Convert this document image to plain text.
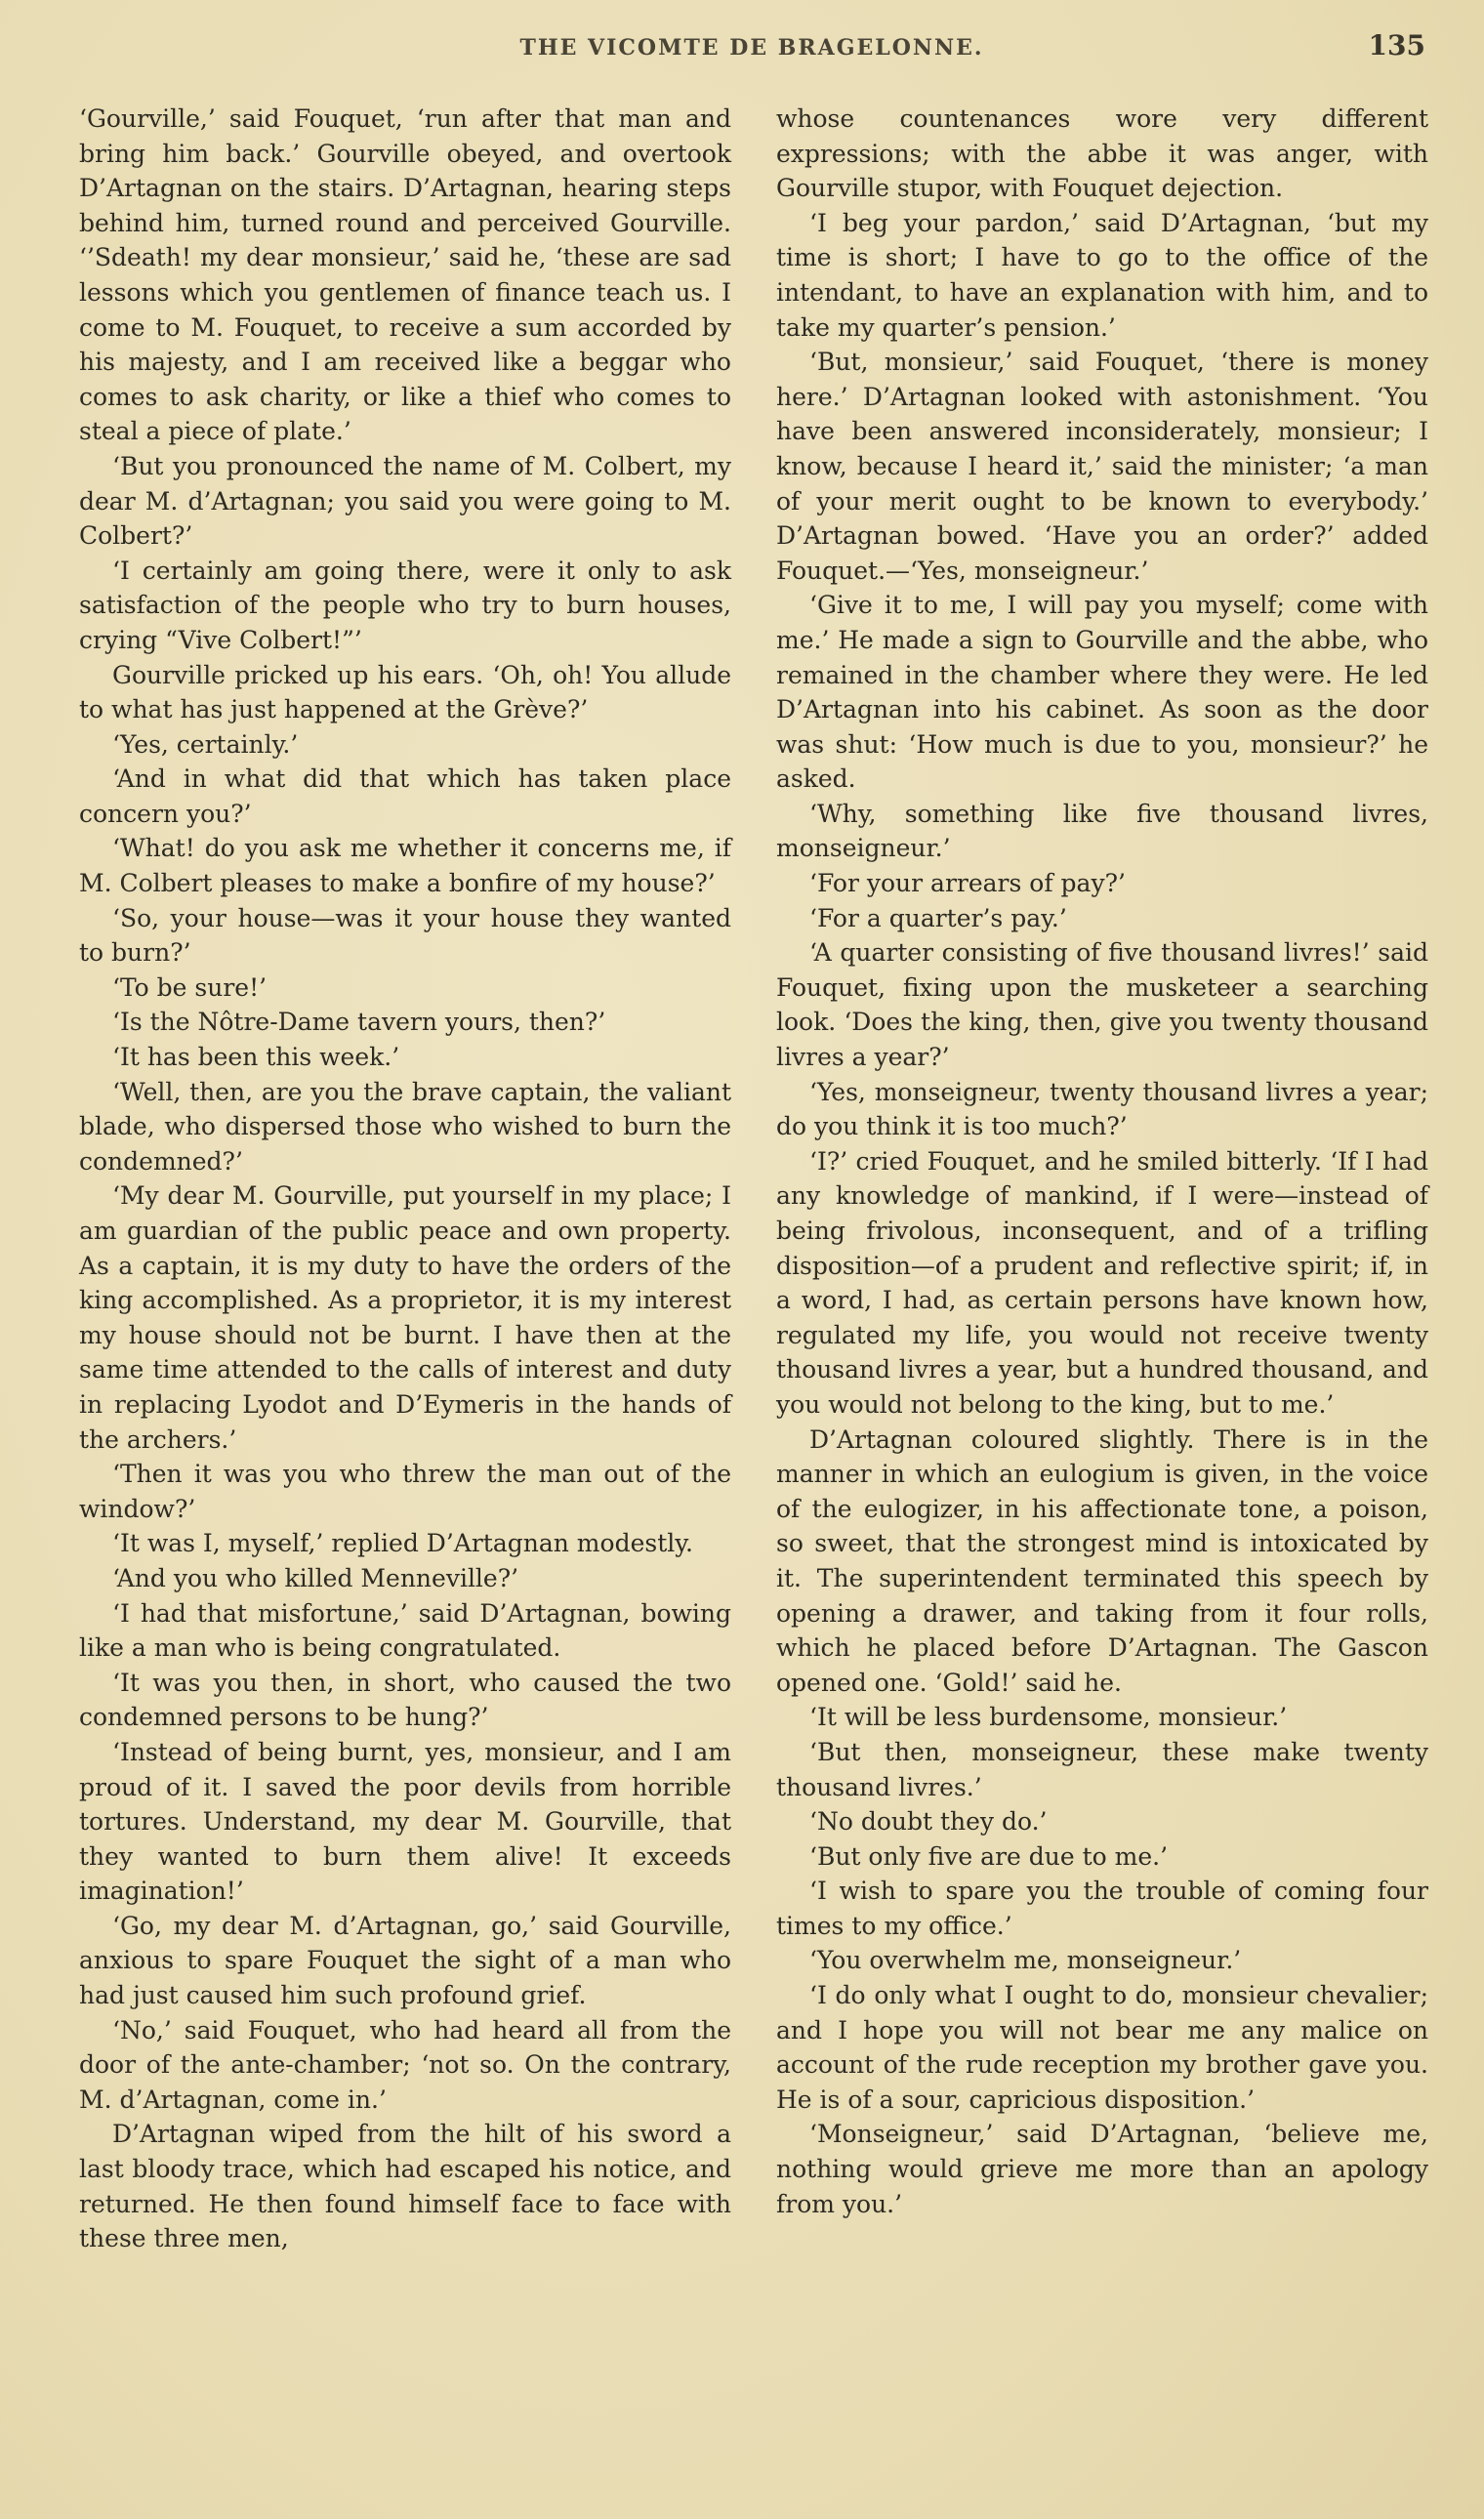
THE VICOMTE DE BRAGELONNE.	135

‘Gourville,’ said Fouquet, ‘run after that man and bring him back.’ Gourville obeyed, and overtook D’Artagnan on the stairs. D’Artagnan, hearing steps behind him, turned round and perceived Gourville. ‘’Sdeath! my dear monsieur,’ said he, ‘these are sad lessons which you gentlemen of finance teach us. I come to M. Fouquet, to receive a sum accorded by his majesty, and I am received like a beggar who comes to ask charity, or like a thief who comes to steal a piece of plate.’

‘But you pronounced the name of M. Colbert, my dear M. d’Artagnan; you said you were going to M. Colbert?’

‘I certainly am going there, were it only to ask satisfaction of the people who try to burn houses, crying “Vive Colbert!”’

Gourville pricked up his ears. ‘Oh, oh! You allude to what has just happened at the Grève?’

‘Yes, certainly.’

‘And in what did that which has taken place concern you?’

‘What! do you ask me whether it concerns me, if M. Colbert pleases to make a bonfire of my house?’

‘So, your house—was it your house they wanted to burn?’

‘To be sure!’

‘Is the Nôtre-Dame tavern yours, then?’

‘It has been this week.’

‘Well, then, are you the brave captain, the valiant blade, who dispersed those who wished to burn the condemned?’

‘My dear M. Gourville, put yourself in my place; I am guardian of the public peace and own property. As a captain, it is my duty to have the orders of the king accomplished. As a proprietor, it is my interest my house should not be burnt. I have then at the same time attended to the calls of interest and duty in replacing Lyodot and D’Eymeris in the hands of the archers.’

‘Then it was you who threw the man out of the window?’

‘It was I, myself,’ replied D’Artagnan modestly.

‘And you who killed Menneville?’

‘I had that misfortune,’ said D’Artagnan, bowing like a man who is being congratulated.

‘It was you then, in short, who caused the two condemned persons to be hung?’

‘Instead of being burnt, yes, monsieur, and I am proud of it. I saved the poor devils from horrible tortures. Understand, my dear M. Gourville, that they wanted to burn them alive! It exceeds imagination!’

‘Go, my dear M. d’Artagnan, go,’ said Gourville, anxious to spare Fouquet the sight of a man who had just caused him such profound grief.

‘No,’ said Fouquet, who had heard all from the door of the ante-chamber; ‘not so. On the contrary, M. d’Artagnan, come in.’

D’Artagnan wiped from the hilt of his sword a last bloody trace, which had escaped his notice, and returned. He then found himself face to face with these three men,

whose countenances wore very different expressions; with the abbe it was anger, with Gourville stupor, with Fouquet dejection.

‘I beg your pardon,’ said D’Artagnan, ‘but my time is short; I have to go to the office of the intendant, to have an explanation with him, and to take my quarter’s pension.’

‘But, monsieur,’ said Fouquet, ‘there is money here.’ D’Artagnan looked with astonishment. ‘You have been answered inconsiderately, monsieur; I know, because I heard it,’ said the minister; ‘a man of your merit ought to be known to everybody.’ D’Artagnan bowed. ‘Have you an order?’ added Fouquet.—‘Yes, monseigneur.’

‘Give it to me, I will pay you myself; come with me.’ He made a sign to Gourville and the abbe, who remained in the chamber where they were. He led D’Artagnan into his cabinet. As soon as the door was shut: ‘How much is due to you, monsieur?’ he asked.

‘Why, something like five thousand livres, monseigneur.’

‘For your arrears of pay?’

‘For a quarter’s pay.’

‘A quarter consisting of five thousand livres!’ said Fouquet, fixing upon the musketeer a searching look. ‘Does the king, then, give you twenty thousand livres a year?’

‘Yes, monseigneur, twenty thousand livres a year; do you think it is too much?’

‘I?’ cried Fouquet, and he smiled bitterly. ‘If I had any knowledge of mankind, if I were—instead of being frivolous, inconsequent, and of a trifling disposition—of a prudent and reflective spirit; if, in a word, I had, as certain persons have known how, regulated my life, you would not receive twenty thousand livres a year, but a hundred thousand, and you would not belong to the king, but to me.’

D’Artagnan coloured slightly. There is in the manner in which an eulogium is given, in the voice of the eulogizer, in his affectionate tone, a poison, so sweet, that the strongest mind is intoxicated by it. The superintendent terminated this speech by opening a drawer, and taking from it four rolls, which he placed before D’Artagnan. The Gascon opened one. ‘Gold!’ said he.

‘It will be less burdensome, monsieur.’

‘But then, monseigneur, these make twenty thousand livres.’

‘No doubt they do.’

‘But only five are due to me.’

‘I wish to spare you the trouble of coming four times to my office.’

‘You overwhelm me, monseigneur.’

‘I do only what I ought to do, monsieur chevalier; and I hope you will not bear me any malice on account of the rude reception my brother gave you. He is of a sour, capricious disposition.’

‘Monseigneur,’ said D’Artagnan, ‘believe me, nothing would grieve me more than an apology from you.’
